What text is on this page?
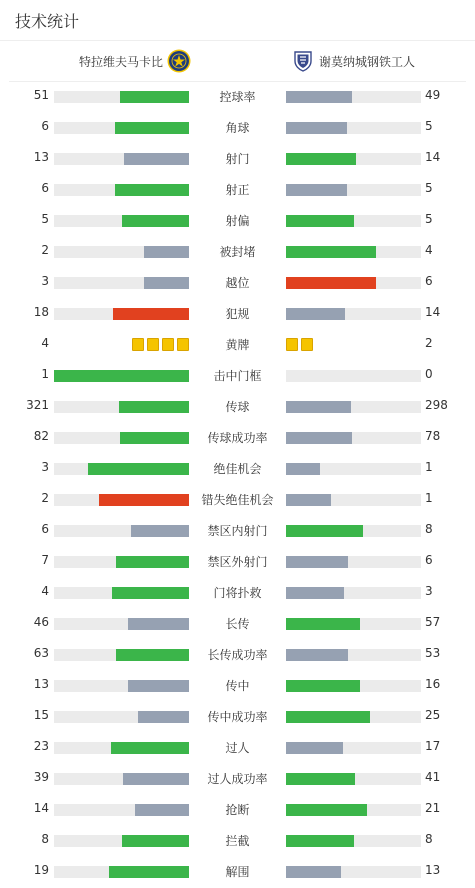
技术统计
特拉维夫马卡比	谢莫纳城钢铁工人
51	控球率	49
6	角球	5
13	射门	14
6	射正	5
5	射偏	5
2	被封堵	4
3	越位	6
18	犯规	14
4	黄牌	2
1	击中门框	0
321	传球	298
82	传球成功率	78
3	绝佳机会	1
2	错失绝佳机会	1
6	禁区内射门	8
7	禁区外射门	6
4	门将扑救	3
46	长传	57
63	长传成功率	53
13	传中	16
15	传中成功率	25
23	过人	17
39	过人成功率	41
14	抢断	21
8	拦截	8
19	解围	13
